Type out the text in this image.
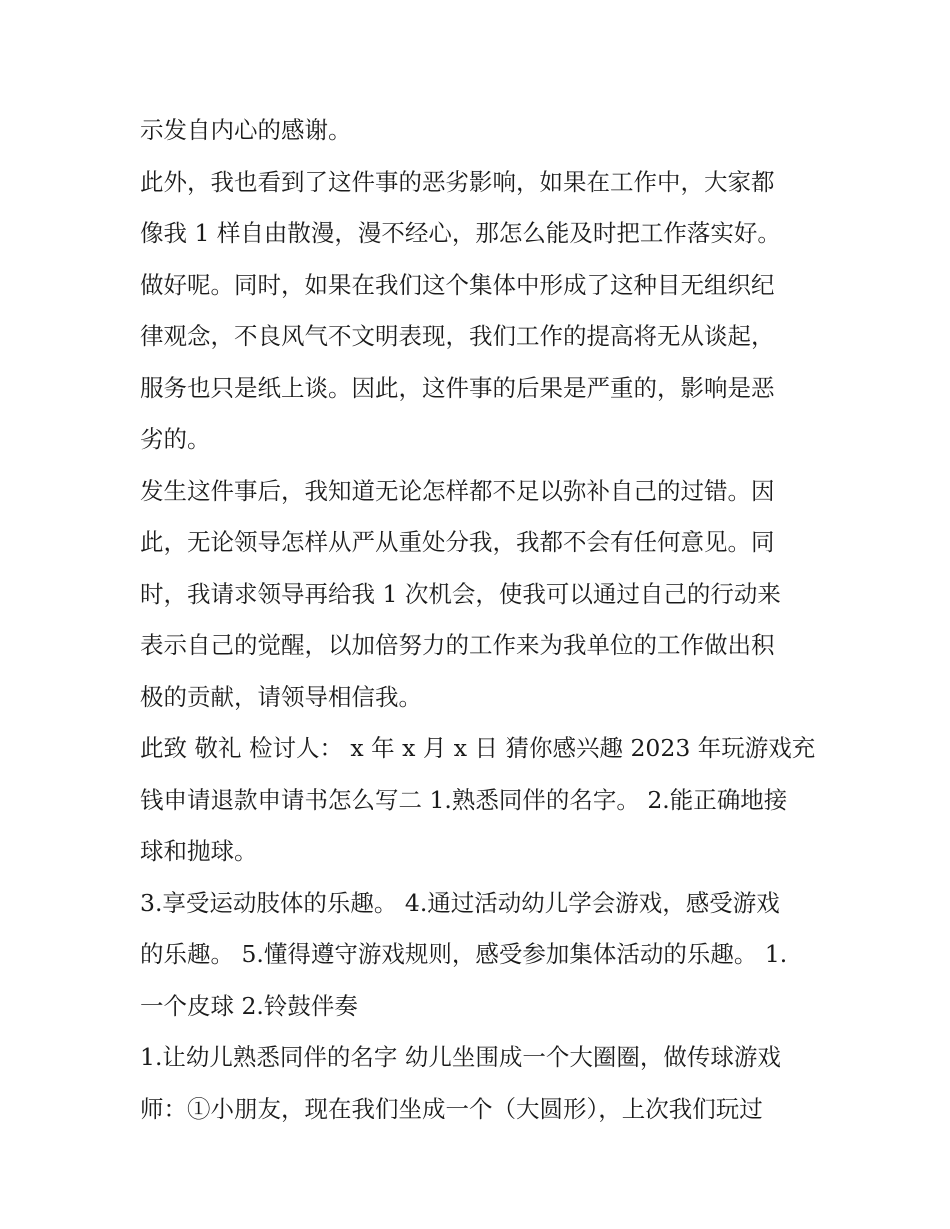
示发自内心的感谢。
此外，我也看到了这件事的恶劣影响，如果在工作中，大家都
像我 1 样自由散漫，漫不经心，那怎么能及时把工作落实好。
做好呢。同时，如果在我们这个集体中形成了这种目无组织纪
律观念，不良风气不文明表现，我们工作的提高将无从谈起，
服务也只是纸上谈。因此，这件事的后果是严重的，影响是恶
劣的。
发生这件事后，我知道无论怎样都不足以弥补自己的过错。因
此，无论领导怎样从严从重处分我，我都不会有任何意见。同
时，我请求领导再给我 1 次机会，使我可以通过自己的行动来
表示自己的觉醒，以加倍努力的工作来为我单位的工作做出积
极的贡献，请领导相信我。
此致 敬礼 检讨人： x 年 x 月 x 日 猜你感兴趣 2023 年玩游戏充
钱申请退款申请书怎么写二 1.熟悉同伴的名字。 2.能正确地接
球和抛球。
3.享受运动肢体的乐趣。 4.通过活动幼儿学会游戏，感受游戏
的乐趣。 5.懂得遵守游戏规则，感受参加集体活动的乐趣。 1.
一个皮球 2.铃鼓伴奏
1.让幼儿熟悉同伴的名字 幼儿坐围成一个大圈圈，做传球游戏
师：①小朋友，现在我们坐成一个（大圆形），上次我们玩过
